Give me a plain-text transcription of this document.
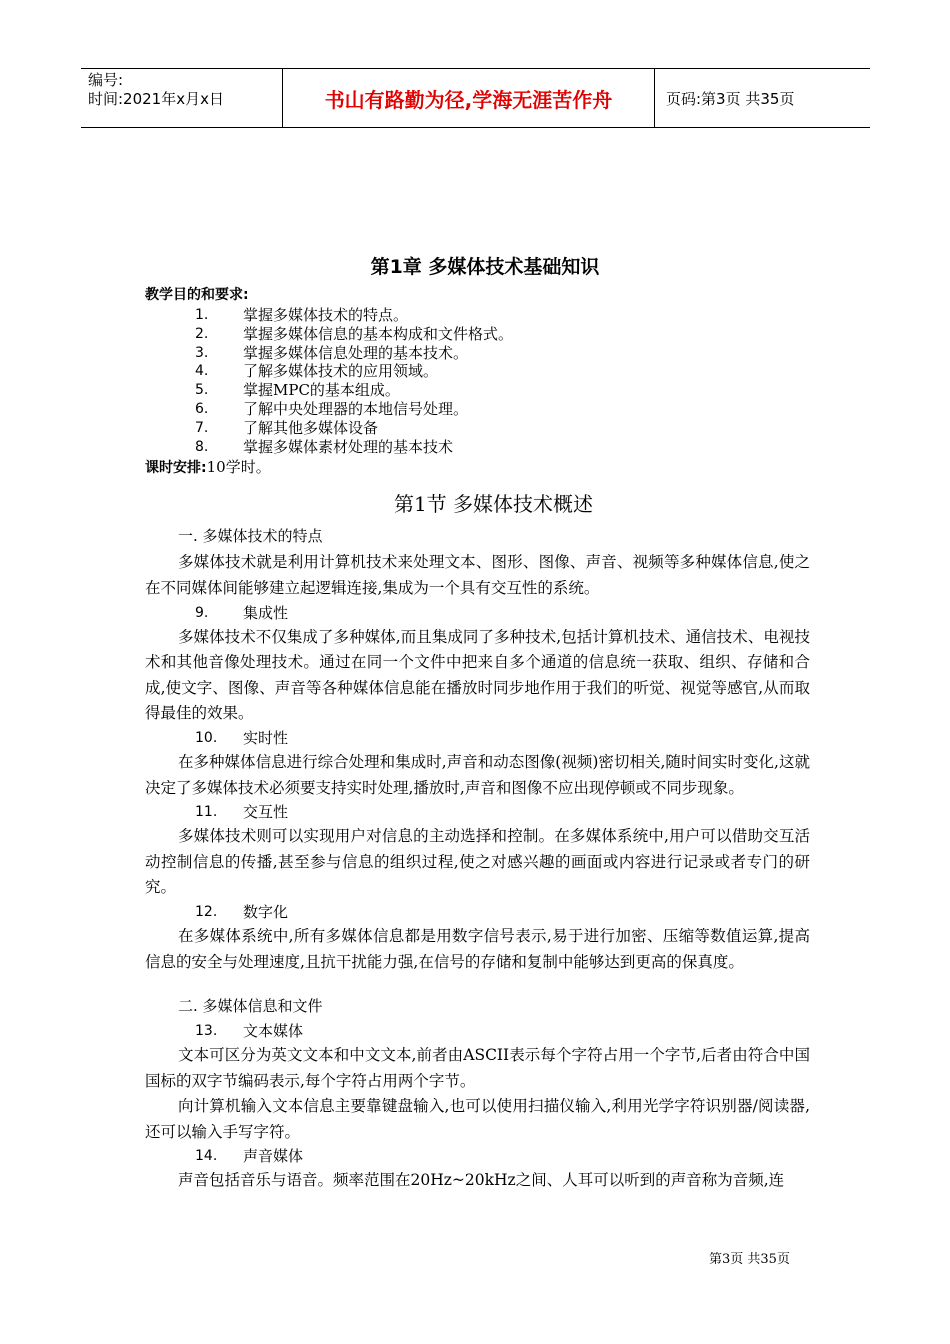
编号:
时间:2021年x月x日	书山有路勤为径,学海无涯苦作舟	页码:第3页 共35页
第1章 多媒体技术基础知识
教学目的和要求:
1.	掌握多媒体技术的特点。
2.	掌握多媒体信息的基本构成和文件格式。
3.	掌握多媒体信息处理的基本技术。
4.	了解多媒体技术的应用领域。
5.	掌握MPC的基本组成。
6.	了解中央处理器的本地信号处理。
7.	了解其他多媒体设备
8.	掌握多媒体素材处理的基本技术
课时安排:10学时。
第1节 多媒体技术概述
一. 多媒体技术的特点

多媒体技术就是利用计算机技术来处理文本、图形、图像、声音、视频等多种媒体信息,使之在不同媒体间能够建立起逻辑连接,集成为一个具有交互性的系统。

9.	集成性

多媒体技术不仅集成了多种媒体,而且集成同了多种技术,包括计算机技术、通信技术、电视技术和其他音像处理技术。通过在同一个文件中把来自多个通道的信息统一获取、组织、存储和合成,使文字、图像、声音等各种媒体信息能在播放时同步地作用于我们的听觉、视觉等感官,从而取得最佳的效果。

10.	实时性

在多种媒体信息进行综合处理和集成时,声音和动态图像(视频)密切相关,随时间实时变化,这就决定了多媒体技术必须要支持实时处理,播放时,声音和图像不应出现停顿或不同步现象。

11.	交互性

多媒体技术则可以实现用户对信息的主动选择和控制。在多媒体系统中,用户可以借助交互活动控制信息的传播,甚至参与信息的组织过程,使之对感兴趣的画面或内容进行记录或者专门的研究。

12.	数字化

在多媒体系统中,所有多媒体信息都是用数字信号表示,易于进行加密、压缩等数值运算,提高信息的安全与处理速度,且抗干扰能力强,在信号的存储和复制中能够达到更高的保真度。

二. 多媒体信息和文件
13.	文本媒体

文本可区分为英文文本和中文文本,前者由ASCII表示每个字符占用一个字节,后者由符合中国国标的双字节编码表示,每个字符占用两个字节。

向计算机输入文本信息主要靠键盘输入,也可以使用扫描仪输入,利用光学字符识别器/阅读器,还可以输入手写字符。

14.	声音媒体

声音包括音乐与语音。频率范围在20Hz~20kHz之间、人耳可以听到的声音称为音频,连

第3页 共35页
